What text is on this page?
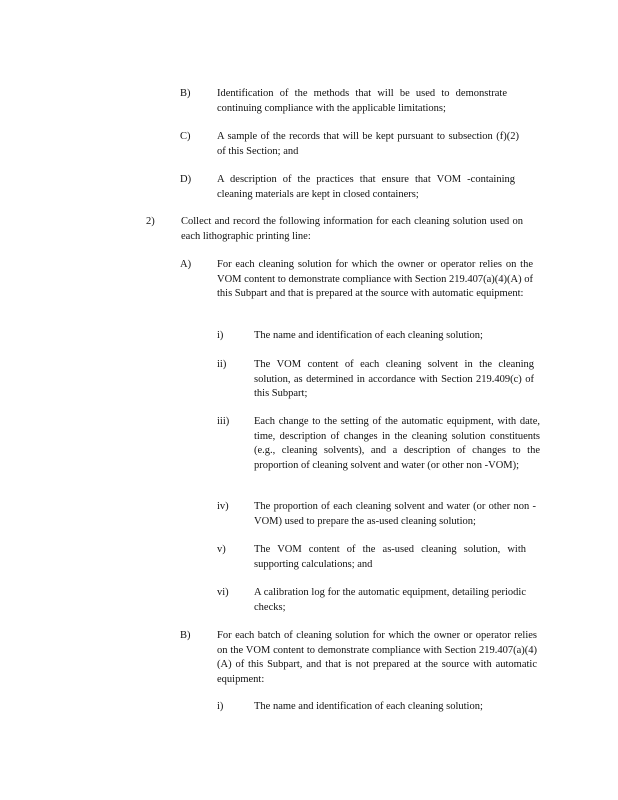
B)	Identification of the methods that will be used to demonstrate continuing compliance with the applicable limitations;
C)	A sample of the records that will be kept pursuant to subsection (f)(2) of this Section; and
D) A description of the practices that ensure that VOM -containing cleaning materials are kept in closed containers;
2)	Collect and record the following information for each cleaning solution used on each lithographic printing line:
A) For each cleaning solution for which the owner or operator relies on the VOM content to demonstrate compliance with Section 219.407(a)(4)(A) of this Subpart and that is prepared at the source with automatic equipment:
i)	The name and identification of each cleaning solution;
ii)	The VOM content of each cleaning solvent in the cleaning solution, as determined in accordance with Section 219.409(c) of this Subpart;
iii) Each change to the setting of the automatic equipment, with date, time, description of changes in the cleaning solution constituents (e.g., cleaning solvents), and a description of changes to the proportion of cleaning solvent and water (or other non -VOM);
iv) The proportion of each cleaning solvent and water (or other non -VOM) used to prepare the as-used cleaning solution;
v)	The VOM content of the as-used cleaning solution, with supporting calculations; and
vi) A calibration log for the automatic equipment, detailing periodic checks;
B)	For each batch of cleaning solution for which the owner or operator relies on the VOM content to demonstrate compliance with Section 219.407(a)(4)(A) of this Subpart, and that is not prepared at the source with automatic equipment:
i)	The name and identification of each cleaning solution;
